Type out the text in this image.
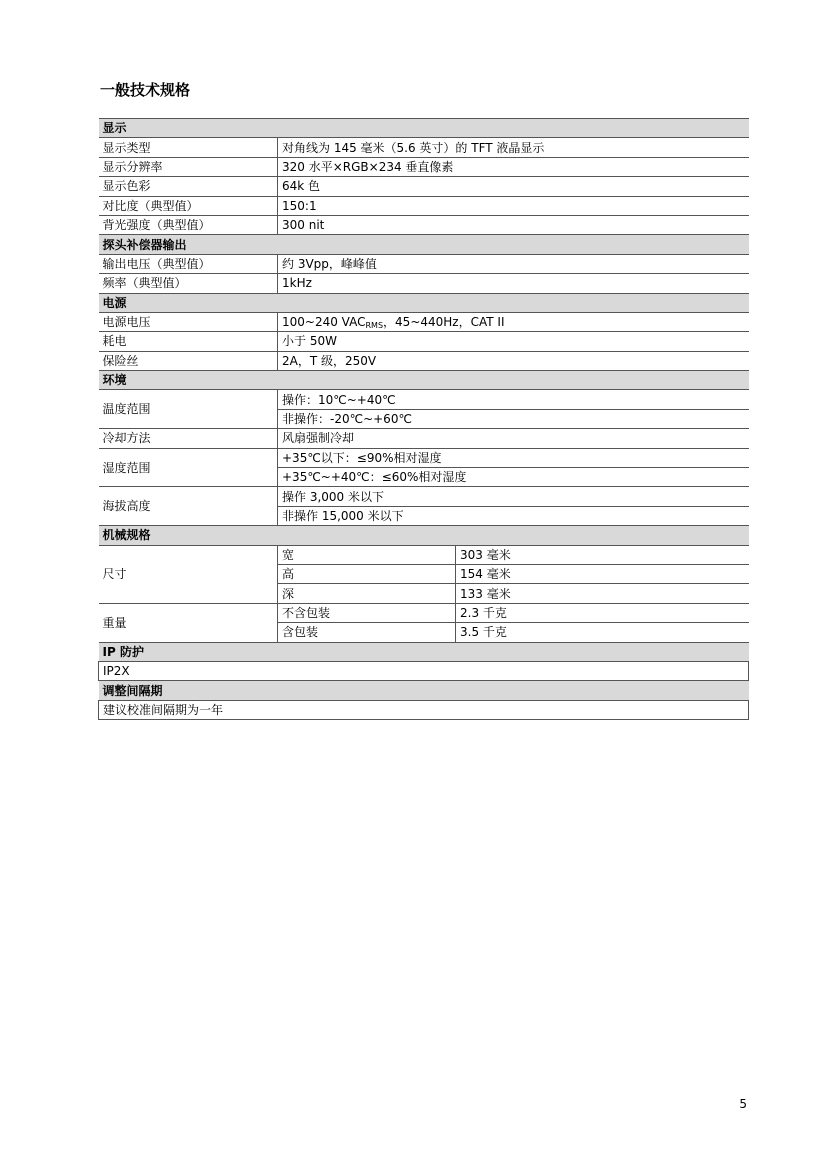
一般技术规格
显示		
显示类型	对角线为 145 毫米（5.6 英寸）的 TFT 液晶显示	
显示分辨率	320 水平×RGB×234 垂直像素	
显示色彩	64k 色	
对比度（典型值）	150:1	
背光强度（典型值）	300 nit	
探头补偿器输出		
输出电压（典型值）	约 3Vpp，峰峰值	
频率（典型值）	1kHz	
电源		
电源电压	100~240 $VAC_{RMS}$，45~440Hz，CAT II	
耗电	小于 50W	
保险丝	2A，T 级，250V	
环境		
温度范围	操作：10℃~+40℃	
	非操作：-20℃~+60℃	
冷却方法	风扇强制冷却	
湿度范围	+35℃以下：≤90%相对湿度	
	+35℃~+40℃：≤60%相对湿度	
海拔高度	操作 3,000 米以下	
	非操作 15,000 米以下	
机械规格		
尺寸	宽	303 毫米
	高	154 毫米
	深	133 毫米
重量	不含包装	2.3 千克
	含包装	3.5 千克
IP 防护		
IP2X		
调整间隔期		
建议校准间隔期为一年		
5
